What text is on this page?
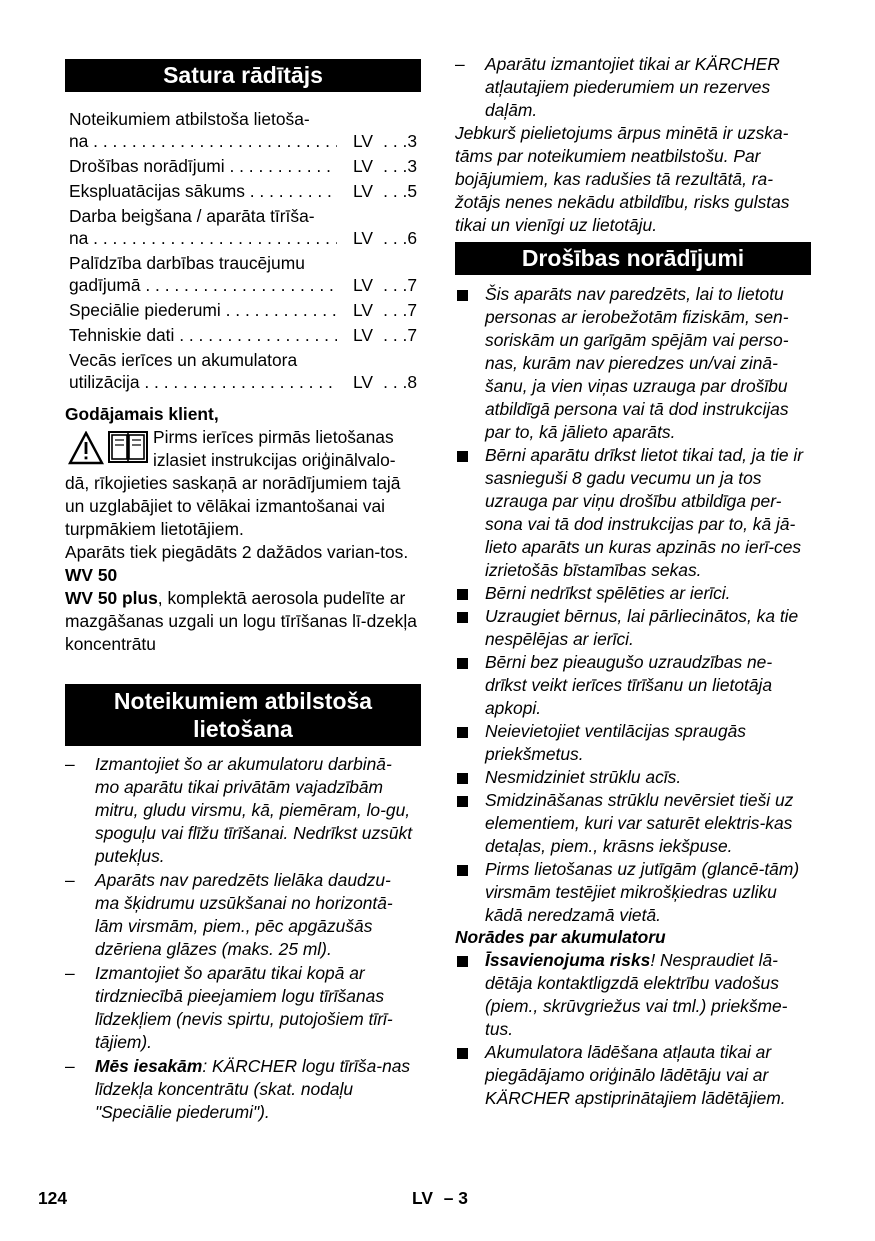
Satura rādītājs
Noteikumiem atbilstoša lietoša-
na . . .	LV . . .3
Drošības norādījumi . . .	LV . . .3
Ekspluatācijas sākums . . .	LV . . .5
Darba beigšana / aparāta tīrīša-
na . . .	LV . . .6
Palīdzība darbības traucējumu
gadījumā . . .	LV . . .7
Speciālie piederumi . . .	LV . . .7
Tehniskie dati . . .	LV . . .7
Vecās ierīces un akumulatora
utilizācija . . .	LV . . .8

Godājamais klient,

Pirms ierīces pirmās lietošanas

izlasiet instrukcijas oriģinālvalo-

dā, rīkojieties saskaņā ar norādījumiem tajā un uzglabājiet to vēlākai izmantošanai vai turpmākiem lietotājiem.

Aparāts tiek piegādāts 2 dažādos varian-tos.

WV 50

WV 50 plus, komplektā aerosola pudelīte ar mazgāšanas uzgali un logu tīrīšanas lī-dzekļa koncentrātu

Noteikumiem atbilstoša lietošana
– Izmantojiet šo ar akumulatoru darbinā-mo aparātu tikai privātām vajadzībām mitru, gludu virsmu, kā, piemēram, lo-gu, spoguļu vai flīžu tīrīšanai. Nedrīkst uzsūkt putekļus.
– Aparāts nav paredzēts lielāka daudzu-ma šķidrumu uzsūkšanai no horizontā-lām virsmām, piem., pēc apgāzušās dzēriena glāzes (maks. 25 ml).
– Izmantojiet šo aparātu tikai kopā ar tirdzniecībā pieejamiem logu tīrīšanas līdzekļiem (nevis spirtu, putojošiem tīrī-tājiem).
– Mēs iesakām: KÄRCHER logu tīrīša-nas līdzekļa koncentrātu (skat. nodaļu "Speciālie piederumi").
– Aparātu izmantojiet tikai ar KÄRCHER atļautajiem piederumiem un rezerves daļām.

Jebkurš pielietojums ārpus minētā ir uzska-tāms par noteikumiem neatbilstošu. Par bojājumiem, kas radušies tā rezultātā, ra-žotājs nenes nekādu atbildību, risks gulstas tikai un vienīgi uz lietotāju.

Drošības norādījumi
Šis aparāts nav paredzēts, lai to lietotu personas ar ierobežotām fiziskām, sen-soriskām un garīgām spējām vai perso-nas, kurām nav pieredzes un/vai zinā-šanu, ja vien viņas uzrauga par drošību atbildīgā persona vai tā dod instrukcijas par to, kā jālieto aparāts.
Bērni aparātu drīkst lietot tikai tad, ja tie ir sasnieguši 8 gadu vecumu un ja tos uzrauga par viņu drošību atbildīga per-sona vai tā dod instrukcijas par to, kā jā-lieto aparāts un kuras apzinās no ierī-ces izrietošās bīstamības sekas.
Bērni nedrīkst spēlēties ar ierīci.
Uzraugiet bērnus, lai pārliecinātos, ka tie nespēlējas ar ierīci.
Bērni bez pieaugušo uzraudzības ne-drīkst veikt ierīces tīrīšanu un lietotāja apkopi.
Neievietojiet ventilācijas spraugās priekšmetus.
Nesmidziniet strūklu acīs.
Smidzināšanas strūklu nevērsiet tieši uz elementiem, kuri var saturēt elektris-kas detaļas, piem., krāsns iekšpuse.
Pirms lietošanas uz jutīgām (glancē-tām) virsmām testējiet mikrošķiedras uzliku kādā neredzamā vietā.

Norādes par akumulatoru

Īssavienojuma risks! Nespraudiet lā-dētāja kontaktligzdā elektrību vadošus (piem., skrūvgriežus vai tml.) priekšme-tus.
Akumulatora lādēšana atļauta tikai ar piegādājamo oriģinālo lādētāju vai ar KÄRCHER apstiprinātajiem lādētājiem.
124	LV – 3
